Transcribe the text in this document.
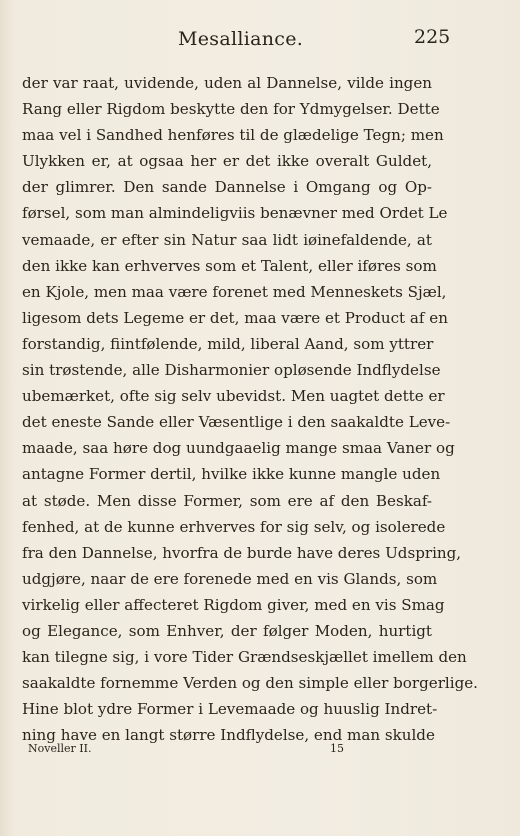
Mesalliance.	225
der var raat, uvidende, uden al Dannelse, vilde ingen
Rang eller Rigdom beskytte den for Ydmygelser. Dette
maa vel i Sandhed henføres til de glædelige Tegn; men
Ulykken er, at ogsaa her er det ikke overalt Guldet,
der glimrer. Den sande Dannelse i Omgang og Op-
førsel, som man almindeligviis benævner med Ordet Le
vemaade, er efter sin Natur saa lidt iøinefaldende, at
den ikke kan erhverves som et Talent, eller iføres som
en Kjole, men maa være forenet med Menneskets Sjæl,
ligesom dets Legeme er det, maa være et Product af en
forstandig, fiintfølende, mild, liberal Aand, som yttrer
sin trøstende, alle Disharmonier opløsende Indflydelse
ubemærket, ofte sig selv ubevidst. Men uagtet dette er
det eneste Sande eller Væsentlige i den saakaldte Leve-
maade, saa høre dog uundgaaelig mange smaa Vaner og
antagne Former dertil, hvilke ikke kunne mangle uden
at støde. Men disse Former, som ere af den Beskaf-
fenhed, at de kunne erhverves for sig selv, og isolerede
fra den Dannelse, hvorfra de burde have deres Udspring,
udgjøre, naar de ere forenede med en vis Glands, som
virkelig eller affecteret Rigdom giver, med en vis Smag
og Elegance, som Enhver, der følger Moden, hurtigt
kan tilegne sig, i vore Tider Grændseskjællet imellem den
saakaldte fornemme Verden og den simple eller borgerlige.
Hine blot ydre Former i Levemaade og huuslig Indret-
ning have en langt større Indflydelse, end man skulde
Noveller II.	15
